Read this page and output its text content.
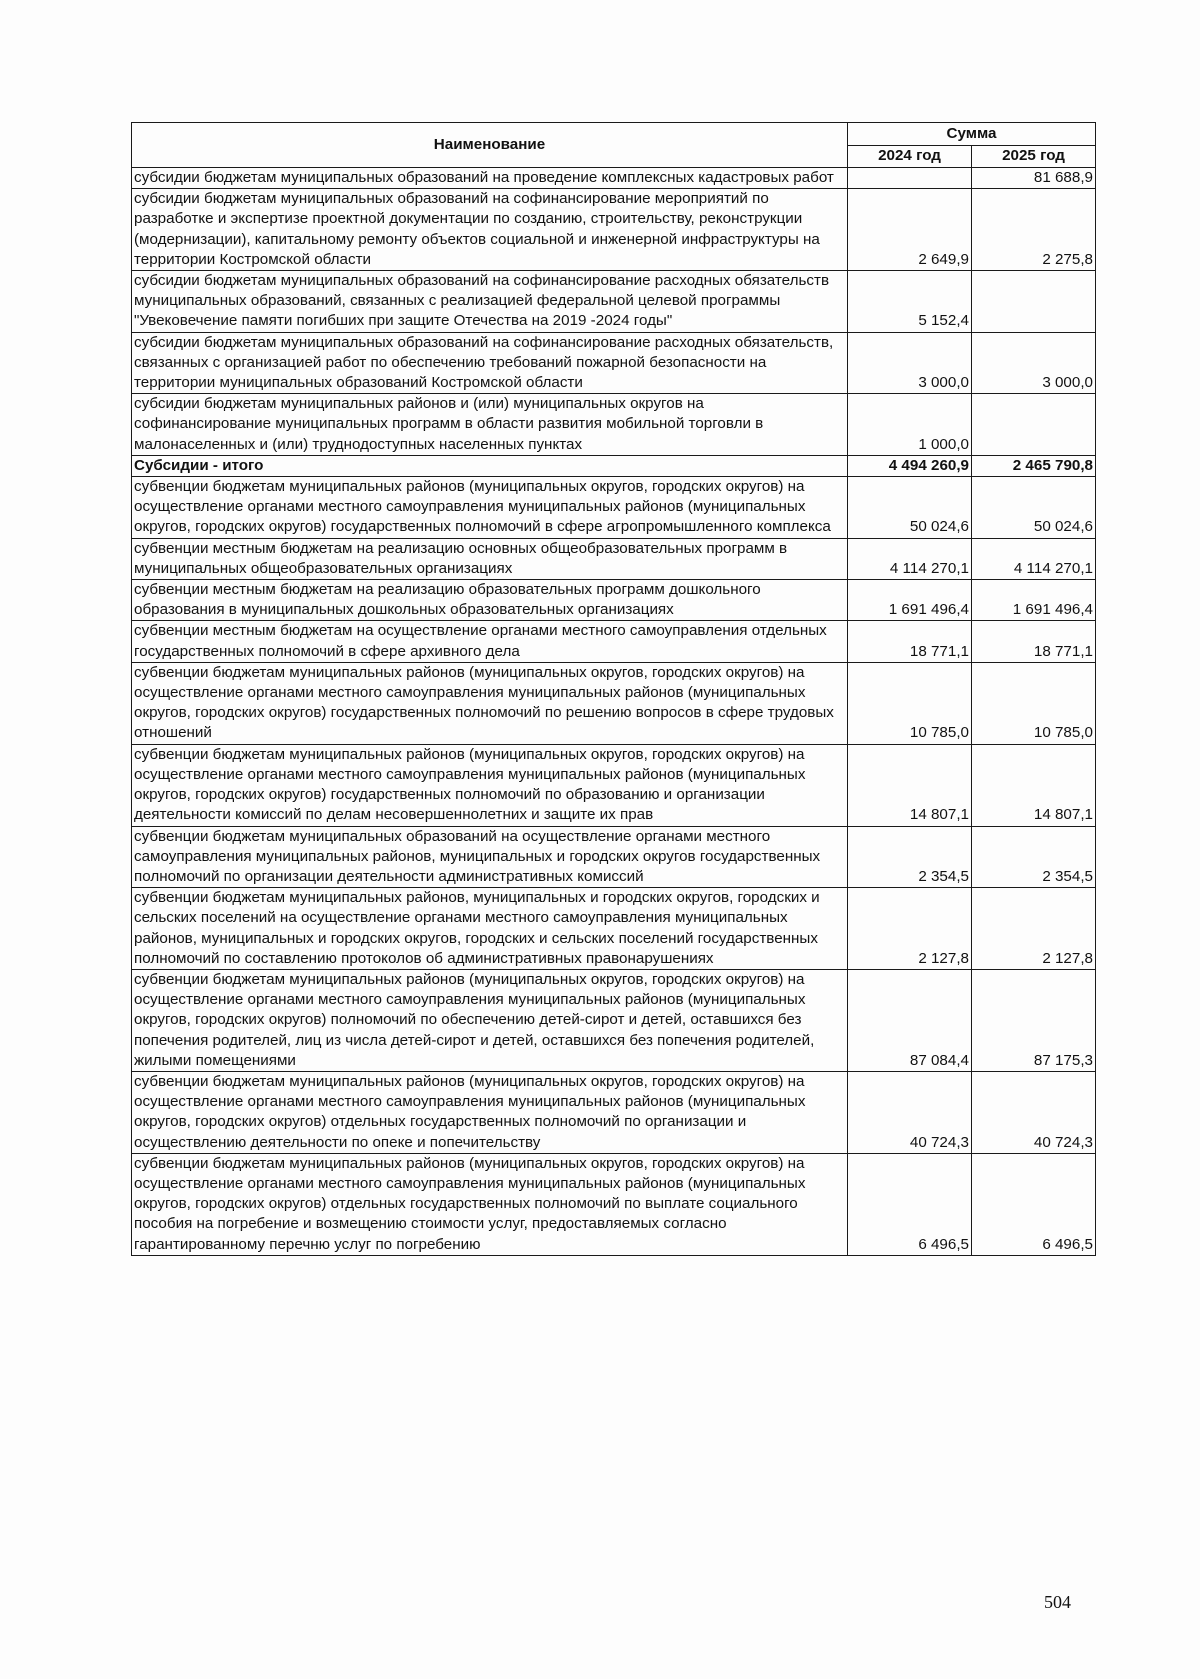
Наименование	Сумма	
	2024 год	2025 год
субсидии бюджетам муниципальных образований на проведение комплексных кадастровых работ		81 688,9
субсидии бюджетам муниципальных образований на софинансирование мероприятий по разработке и экспертизе проектной документации по созданию, строительству, реконструкции (модернизации), капитальному ремонту объектов социальной и инженерной инфраструктуры на территории Костромской области	2 649,9	2 275,8
субсидии бюджетам муниципальных образований на софинансирование расходных обязательств муниципальных образований, связанных с реализацией федеральной целевой программы "Увековечение памяти погибших при защите Отечества на 2019 -2024 годы"	5 152,4	
субсидии бюджетам муниципальных образований на софинансирование расходных обязательств, связанных с организацией работ по обеспечению требований пожарной безопасности на территории муниципальных образований Костромской области	3 000,0	3 000,0
субсидии бюджетам муниципальных районов и (или) муниципальных округов на софинансирование муниципальных программ в области развития мобильной торговли в малонаселенных и (или) труднодоступных населенных пунктах	1 000,0	
Субсидии - итого	4 494 260,9	2 465 790,8
субвенции бюджетам муниципальных районов (муниципальных округов, городских округов) на осуществление органами местного самоуправления муниципальных районов (муниципальных округов, городских округов) государственных полномочий в сфере агропромышленного комплекса	50 024,6	50 024,6
субвенции местным бюджетам на реализацию основных общеобразовательных программ в муниципальных общеобразовательных организациях	4 114 270,1	4 114 270,1
субвенции местным бюджетам на реализацию образовательных программ дошкольного образования в муниципальных дошкольных образовательных организациях	1 691 496,4	1 691 496,4
субвенции местным бюджетам на осуществление органами местного самоуправления отдельных государственных полномочий в сфере архивного дела	18 771,1	18 771,1
субвенции бюджетам муниципальных районов (муниципальных округов, городских округов) на осуществление органами местного самоуправления муниципальных районов (муниципальных округов, городских округов) государственных полномочий по решению вопросов в сфере трудовых отношений	10 785,0	10 785,0
субвенции бюджетам муниципальных районов (муниципальных округов, городских округов) на осуществление органами местного самоуправления муниципальных районов (муниципальных округов, городских округов) государственных полномочий по образованию и организации деятельности комиссий по делам несовершеннолетних и защите их прав	14 807,1	14 807,1
субвенции бюджетам муниципальных образований на осуществление органами местного самоуправления муниципальных районов, муниципальных и городских округов государственных полномочий по организации деятельности административных комиссий	2 354,5	2 354,5
субвенции бюджетам муниципальных районов, муниципальных и городских округов, городских и сельских поселений на осуществление органами местного самоуправления муниципальных районов, муниципальных и городских округов, городских и сельских поселений государственных полномочий по составлению протоколов об административных правонарушениях	2 127,8	2 127,8
субвенции бюджетам муниципальных районов (муниципальных округов, городских округов) на осуществление органами местного самоуправления муниципальных районов (муниципальных округов, городских округов) полномочий по обеспечению детей-сирот и детей, оставшихся без попечения родителей, лиц из числа детей-сирот и детей, оставшихся без попечения родителей, жилыми помещениями	87 084,4	87 175,3
субвенции бюджетам муниципальных районов (муниципальных округов, городских округов) на осуществление органами местного самоуправления муниципальных районов (муниципальных округов, городских округов) отдельных государственных полномочий по организации и осуществлению деятельности по опеке и попечительству	40 724,3	40 724,3
субвенции бюджетам муниципальных районов (муниципальных округов, городских округов) на осуществление органами местного самоуправления муниципальных районов (муниципальных округов, городских округов) отдельных государственных полномочий по выплате социального пособия на погребение и возмещению стоимости услуг, предоставляемых согласно гарантированному перечню услуг по погребению	6 496,5	6 496,5
504
